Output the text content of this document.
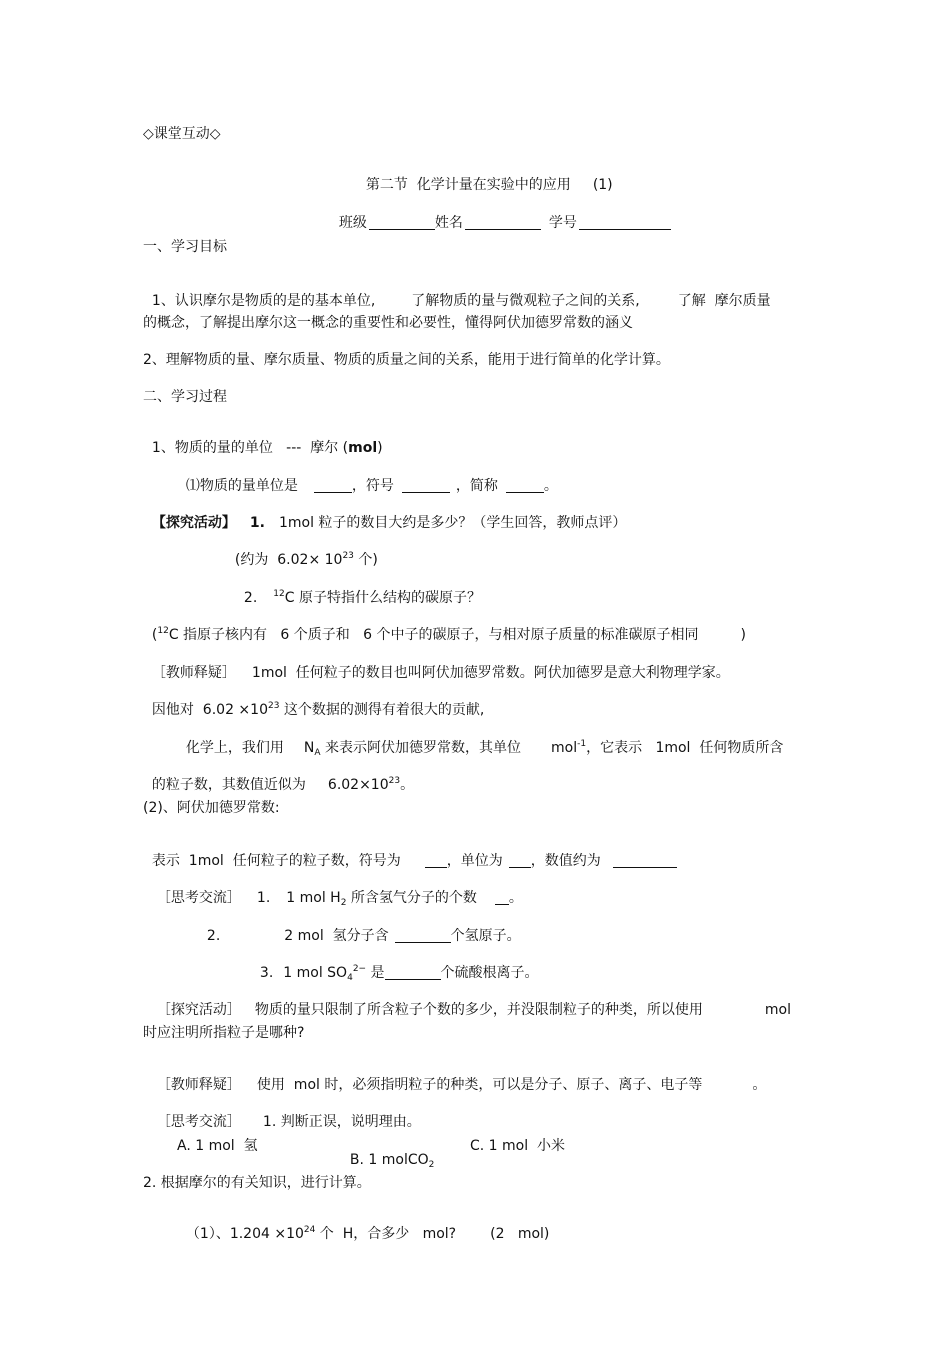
◇课堂互动◇

第二节  化学计量在实验中的应用 (1)

班级	姓名	学号

一、学习目标

1、认识摩尔是物质的是的基本单位,	了解物质的量与微观粒子之间的关系,	了解  摩尔质量

的概念，了解提出摩尔这一概念的重要性和必要性，懂得阿伏加德罗常数的涵义
2、理解物质的量、摩尔质量、物质的质量之间的关系，能用于进行简单的化学计算。
二、学习过程

1、物质的量的单位   ---  摩尔 (mol)

⑴物质的量单位是	，符号	，简称	。

【探究活动】 1. 1mol 粒子的数目大约是多少？（学生回答，教师点评）

(约为  $6.02\times 10^{23}$ 个)

2. $^{12}$C 原子特指什么结构的碳原子？

($^{12}$C 指原子核内有   6 个质子和   6 个中子的碳原子，与相对原子质量的标准碳原子相同	)

［教师释疑］ 1mol  任何粒子的数目也叫阿伏加德罗常数。阿伏加德罗是意大利物理学家。

因他对  $6.02 \times 10^{23}$ 这个数据的测得有着很大的贡献,

化学上，我们用 $N_A$ 来表示阿伏加德罗常数，其单位 mol$^{-1}$，它表示   1mol  任何物质所含

的粒子数，其数值近似为 $6.02\times 10^{23}$。

(2)、阿伏加德罗常数:

表示  1mol  任何粒子的粒子数，符号为	，单位为 ，数值约为

［思考交流］ 1. 1 mol $H_2$ 所含氢气分子的个数 。

2.	2 mol  氢分子含	个氢原子。

3. 1 mol $SO_4^{2-}$ 是	个硫酸根离子。

［探究活动］ 物质的量只限制了所含粒子个数的多少，并没限制粒子的种类，所以使用	mol

时应注明所指粒子是哪种?

［教师释疑］ 使用  mol 时，必须指明粒子的种类，可以是分子、原子、离子、电子等	。

［思考交流］ 1. 判断正误，说明理由。

A. 1 mol  氢

B. 1 molCO$_2$

C. 1 mol  小米
2. 根据摩尔的有关知识，进行计算。

（1）、$1.204 \times 10^{24}$ 个  H，合多少   mol? (2   mol)
